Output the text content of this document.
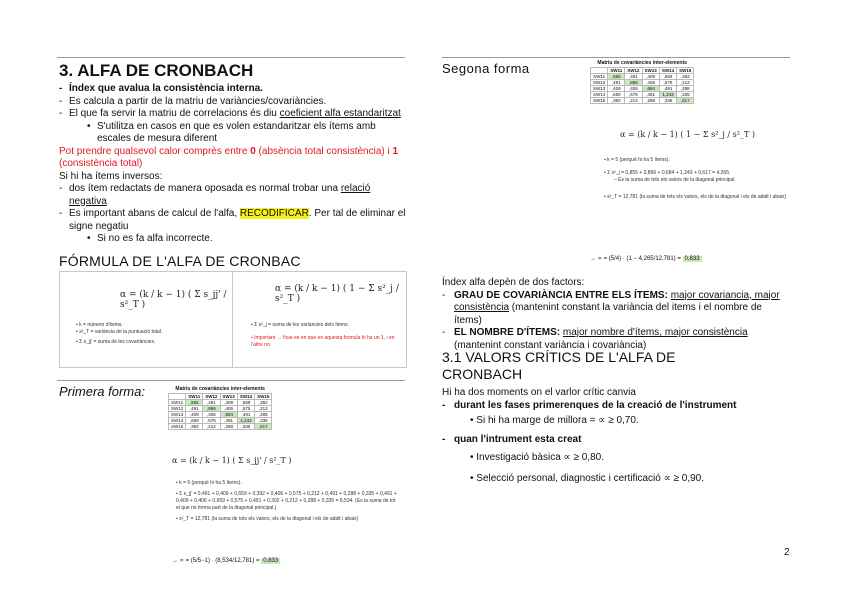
3. ALFA DE CRONBACH
- Índex que avalua la consistència interna.
- Es calcula a partir de la matriu de variàncies/covariàncies.
- El que fa servir la matriu de correlacions és diu coeficient alfa estandaritzat
• S'utilitza en casos en que es volen estandaritzar els ítems amb escales de mesura diferent
Pot prendre qualsevol calor comprès entre 0 (absència total consistència) i 1 (consistència total)
Si hi ha ítems inversos:
- dos ítem redactats de manera oposada es normal trobar una relació negativa
- Es important abans de calcul de l'alfa, RECODIFICAR. Per tal de eliminar el signe negatiu
• Si no es fa alfa incorrecte.
FÓRMULA DE L'ALFA DE CRONBAC
α = (k / k − 1) ( Σ s_jj' / s²_T )
▪ k = número d'items.
▪ s²_T = variància de la puntuació total.
▪ Σ s_jj' = suma de les covariàncies.
α = (k / k − 1) ( 1 − Σ s²_j / s²_T )
▪ Σ s²_j = suma de les variàncies dels ítems.
▪ Important → fixar-se en que en aquesta formula hi ha un 1, i en l'altre no.
Primera forma:	Matriu de covariàncies inter-elements
	SW11	SW12	SW13	SW14	SW15
SW11	,855	,491	,409	,659	,392
SW12	,491	,866	,406	,575	,212
SW13	,409	,406	,684	,491	,288
SW14	,659	,575	,491	1,243	,335
SW15	,392	,212	,288	,335	,617
α = (k / k − 1) ( Σ s_jj' / s²_T )
▪ k = 5 (perquè hi ha 5 ítems).
▪ Σ s_jj' = 0,491 + 0,409 + 0,659 + 0,392 + 0,406 + 0,575 + 0,212 + 0,491 + 0,288 + 0,335 + 0,491 + 0,409 + 0,406 + 0,659 + 0,575 + 0,491 + 0,392 + 0,212 + 0,288 + 0,335 = 8,534. (Es la suma de tot el que no forma part de la diagonal principal.)
▪ s²_T = 12,781 (la suma de tots els valors, els de la diagonal i els de adalt i abaix)
→ ∝ = (5/5−1) · (8,534/12,781) = 0,833
Segona forma	Matriu de covariàncies inter-elements
	SW11	SW12	SW13	SW14	SW15
SW11	,855	,491	,409	,659	,392
SW12	,491	,866	,406	,575	,212
SW13	,409	,406	,684	,491	,288
SW14	,659	,575	,491	1,243	,335
SW15	,392	,212	,288	,335	,617
α = (k / k − 1) ( 1 − Σ s²_j / s²_T )
▪ k = 5 (perquè hi ha 5 ítems).
▪ Σ s²_j = 0,855 + 0,866 + 0,684 + 1,243 + 0,617 = 4,265.
– És la suma de tots els valors de la diagonal principal
▪ s²_T = 12,781 (la suma de tots els valors, els de la diagonal i els de adalt i abaix)
→ ∝ = (5/4) · (1 − 4,265/12,781) = 0,833
Índex alfa depèn de dos factors:
- GRAU DE COVARIÀNCIA ENTRE ELS ÍTEMS: major covariancia, major consistència (mantenint constant la variància del items i el nombre de ítems)
- EL NOMBRE D'ÍTEMS: major nombre d'ítems, major consistència (mantenint constant variància i covariància)
3.1 VALORS CRÍTICS DE L'ALFA DE CRONBACH
Hi ha dos moments on el varlor crític canvia
- durant les fases primerenques de la creació de l'instrument
• Si hi ha marge de millora = ∝ ≥ 0,70.
- quan l'intrument esta creat
• Investigació bàsica ∝ ≥ 0,80.
• Selecció personal, diagnostic i certificació ∝ ≥ 0,90.
2
